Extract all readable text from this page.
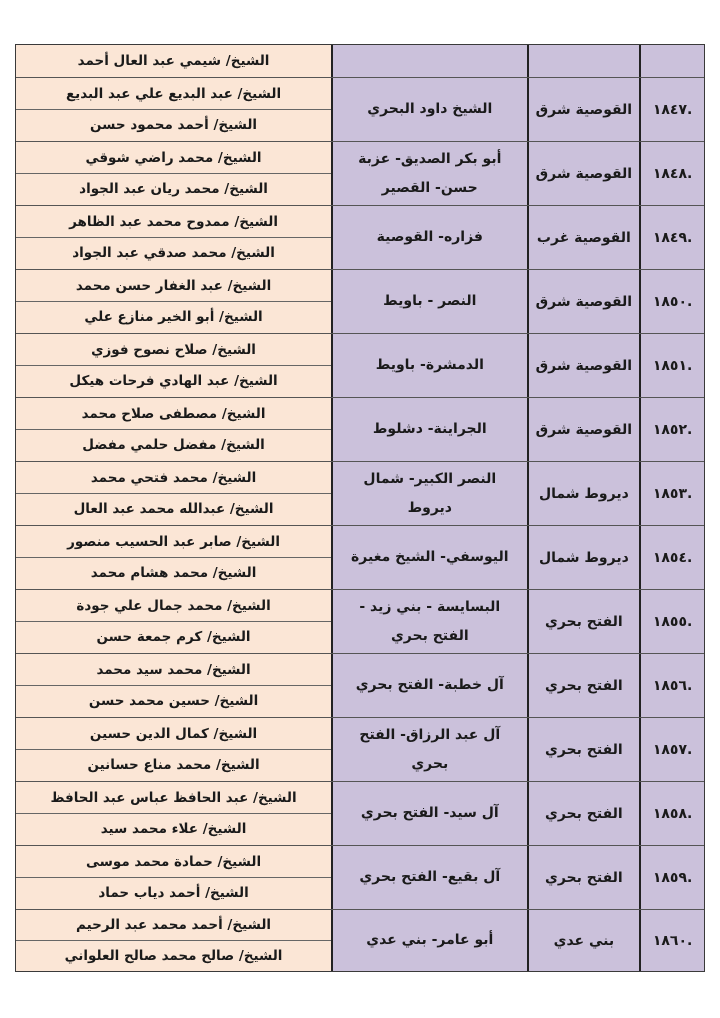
الشيخ/ شيمي عبد العال أحمد
.١٨٤٧
القوصية شرق
الشيخ داود البحري
الشيخ/ عبد البديع علي عبد البديع
الشيخ/ أحمد محمود حسن
.١٨٤٨
القوصية شرق
أبو بكر الصديق- عزبة حسن- القصير
الشيخ/ محمد راضي شوقي
الشيخ/ محمد ريان عبد الجواد
.١٨٤٩
القوصية غرب
فزاره- القوصية
الشيخ/ ممدوح محمد عبد الظاهر
الشيخ/ محمد صدقي عبد الجواد
.١٨٥٠
القوصية شرق
النصر - باويط
الشيخ/ عبد الغفار حسن محمد
الشيخ/ أبو الخير منازع علي
.١٨٥١
القوصية شرق
الدمشرة- باويط
الشيخ/ صلاح نصوح فوزي
الشيخ/ عبد الهادي فرحات هيكل
.١٨٥٢
القوصية شرق
الجراينة- دشلوط
الشيخ/ مصطفى صلاح محمد
الشيخ/ مفضل حلمي مفضل
.١٨٥٣
ديروط شمال
النصر الكبير- شمال ديروط
الشيخ/ محمد فتحي محمد
الشيخ/ عبدالله محمد عبد العال
.١٨٥٤
ديروط شمال
اليوسفي- الشيخ مغيرة
الشيخ/ صابر عبد الحسيب منصور
الشيخ/ محمد هشام محمد
.١٨٥٥
الفتح بحري
البسايسة - بني زيد - الفتح بحري
الشيخ/ محمد جمال علي جودة
الشيخ/ كرم جمعة حسن
.١٨٥٦
الفتح بحري
آل خطبة- الفتح بحري
الشيخ/ محمد سيد محمد
الشيخ/ حسين محمد حسن
.١٨٥٧
الفتح بحري
آل عبد الرزاق- الفتح بحري
الشيخ/ كمال الدين حسين
الشيخ/ محمد مناع حسانين
.١٨٥٨
الفتح بحري
آل سيد- الفتح بحري
الشيخ/ عبد الحافظ عباس عبد الحافظ
الشيخ/ علاء محمد سيد
.١٨٥٩
الفتح بحري
آل بقيع- الفتح بحري
الشيخ/ حمادة محمد موسى
الشيخ/ أحمد دياب حماد
.١٨٦٠
بني عدي
أبو عامر- بني عدي
الشيخ/ أحمد محمد عبد الرحيم
الشيخ/ صالح محمد صالح العلواني
